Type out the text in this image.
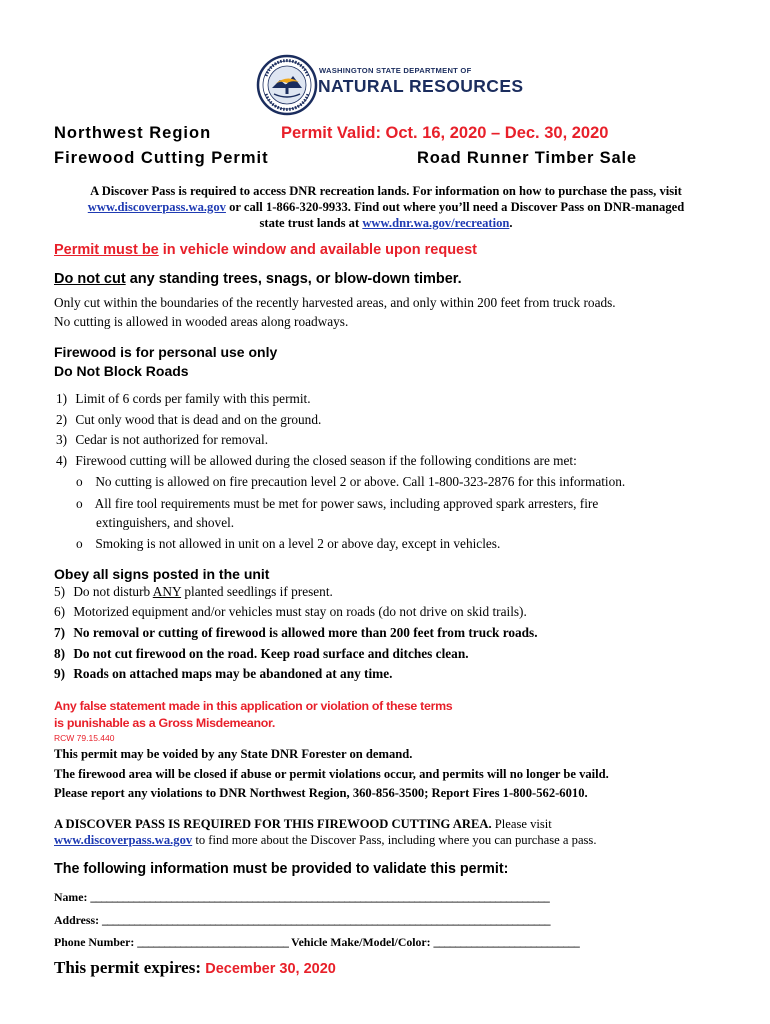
WASHINGTON STATE DEPARTMENT OF
NATURAL RESOURCES
Northwest Region	Permit Valid: Oct. 16, 2020 – Dec. 30, 2020
Firewood Cutting Permit	Road Runner Timber Sale
A Discover Pass is required to access DNR recreation lands. For information on how to purchase the pass, visit
www.discoverpass.wa.gov or call 1-866-320-9933. Find out where you’ll need a Discover Pass on DNR-managed
state trust lands at www.dnr.wa.gov/recreation.
Permit must be in vehicle window and available upon request
Do not cut any standing trees, snags, or blow-down timber.
Only cut within the boundaries of the recently harvested areas, and only within 200 feet from truck roads.
No cutting is allowed in wooded areas along roadways.
Firewood is for personal use only
Do Not Block Roads
1) Limit of 6 cords per family with this permit.
2) Cut only wood that is dead and on the ground.
3) Cedar is not authorized for removal.
4) Firewood cutting will be allowed during the closed season if the following conditions are met:
o No cutting is allowed on fire precaution level 2 or above. Call 1-800-323-2876 for this information.
o All fire tool requirements must be met for power saws, including approved spark arresters, fire
extinguishers, and shovel.
o Smoking is not allowed in unit on a level 2 or above day, except in vehicles.
Obey all signs posted in the unit
5) Do not disturb ANY planted seedlings if present.
6) Motorized equipment and/or vehicles must stay on roads (do not drive on skid trails).
7) No removal or cutting of firewood is allowed more than 200 feet from truck roads.
8) Do not cut firewood on the road. Keep road surface and ditches clean.
9) Roads on attached maps may be abandoned at any time.
Any false statement made in this application or violation of these terms
is punishable as a Gross Misdemeanor.
RCW 79.15.440
This permit may be voided by any State DNR Forester on demand.
The firewood area will be closed if abuse or permit violations occur, and permits will no longer be vaild.
Please report any violations to DNR Northwest Region, 360-856-3500; Report Fires 1-800-562-6010.
A DISCOVER PASS IS REQUIRED FOR THIS FIREWOOD CUTTING AREA. Please visit
www.discoverpass.wa.gov to find more about the Discover Pass, including where you can purchase a pass.
The following information must be provided to validate this permit:
Name: _____________________________________________________________________________________
Address: ___________________________________________________________________________________
Phone Number: ____________________________ Vehicle Make/Model/Color: ___________________________
This permit expires: December 30, 2020
